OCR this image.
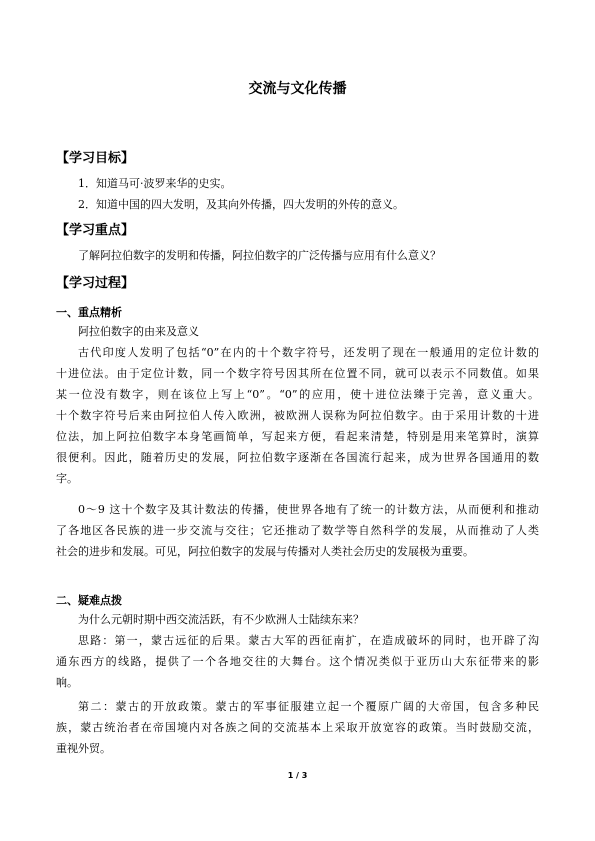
交流与文化传播
【学习目标】
1．知道马可·波罗来华的史实。
2．知道中国的四大发明，及其向外传播，四大发明的外传的意义。
【学习重点】
了解阿拉伯数字的发明和传播，阿拉伯数字的广泛传播与应用有什么意义？
【学习过程】
一、重点精析
阿拉伯数字的由来及意义
古代印度人发明了包括“0”在内的十个数字符号，还发明了现在一般通用的定位计数的
十进位法。由于定位计数，同一个数字符号因其所在位置不同，就可以表示不同数值。如果
某一位没有数字，则在该位上写上“0”。“0”的应用，使十进位法臻于完善，意义重大。
十个数字符号后来由阿拉伯人传入欧洲，被欧洲人误称为阿拉伯数字。由于采用计数的十进
位法，加上阿拉伯数字本身笔画简单，写起来方便，看起来清楚，特别是用来笔算时，演算
很便利。因此，随着历史的发展，阿拉伯数字逐渐在各国流行起来，成为世界各国通用的数
字。
0～9 这十个数字及其计数法的传播，使世界各地有了统一的计数方法，从而便利和推动
了各地区各民族的进一步交流与交往；它还推动了数学等自然科学的发展，从而推动了人类
社会的进步和发展。可见，阿拉伯数字的发展与传播对人类社会历史的发展极为重要。
二、疑难点拨
为什么元朝时期中西交流活跃，有不少欧洲人士陆续东来？
思路：第一，蒙古远征的后果。蒙古大军的西征南扩，在造成破坏的同时，也开辟了沟
通东西方的线路，提供了一个各地交往的大舞台。这个情况类似于亚历山大东征带来的影
响。
第二：蒙古的开放政策。蒙古的军事征服建立起一个覆原广阔的大帝国，包含多种民
族，蒙古统治者在帝国境内对各族之间的交流基本上采取开放宽容的政策。当时鼓励交流，
重视外贸。
1 / 3
